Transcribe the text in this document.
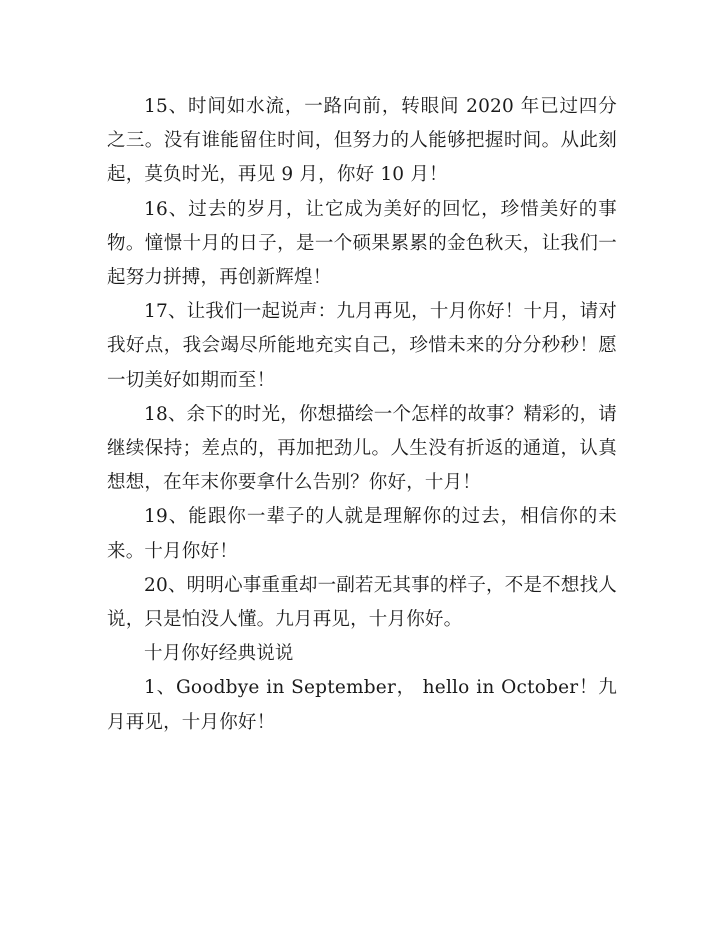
15、时间如水流，一路向前，转眼间 2020 年已过四分之三。没有谁能留住时间，但努力的人能够把握时间。从此刻起，莫负时光，再见 9 月，你好 10 月！

16、过去的岁月，让它成为美好的回忆，珍惜美好的事物。憧憬十月的日子，是一个硕果累累的金色秋天，让我们一起努力拼搏，再创新辉煌！

17、让我们一起说声：九月再见，十月你好！十月，请对我好点，我会竭尽所能地充实自己，珍惜未来的分分秒秒！愿一切美好如期而至！

18、余下的时光，你想描绘一个怎样的故事？精彩的，请继续保持；差点的，再加把劲儿。人生没有折返的通道，认真想想，在年末你要拿什么告别？你好，十月！

19、能跟你一辈子的人就是理解你的过去，相信你的未来。十月你好！

20、明明心事重重却一副若无其事的样子，不是不想找人说，只是怕没人懂。九月再见，十月你好。

十月你好经典说说

1、Goodbye in September， hello in October！九月再见，十月你好！
